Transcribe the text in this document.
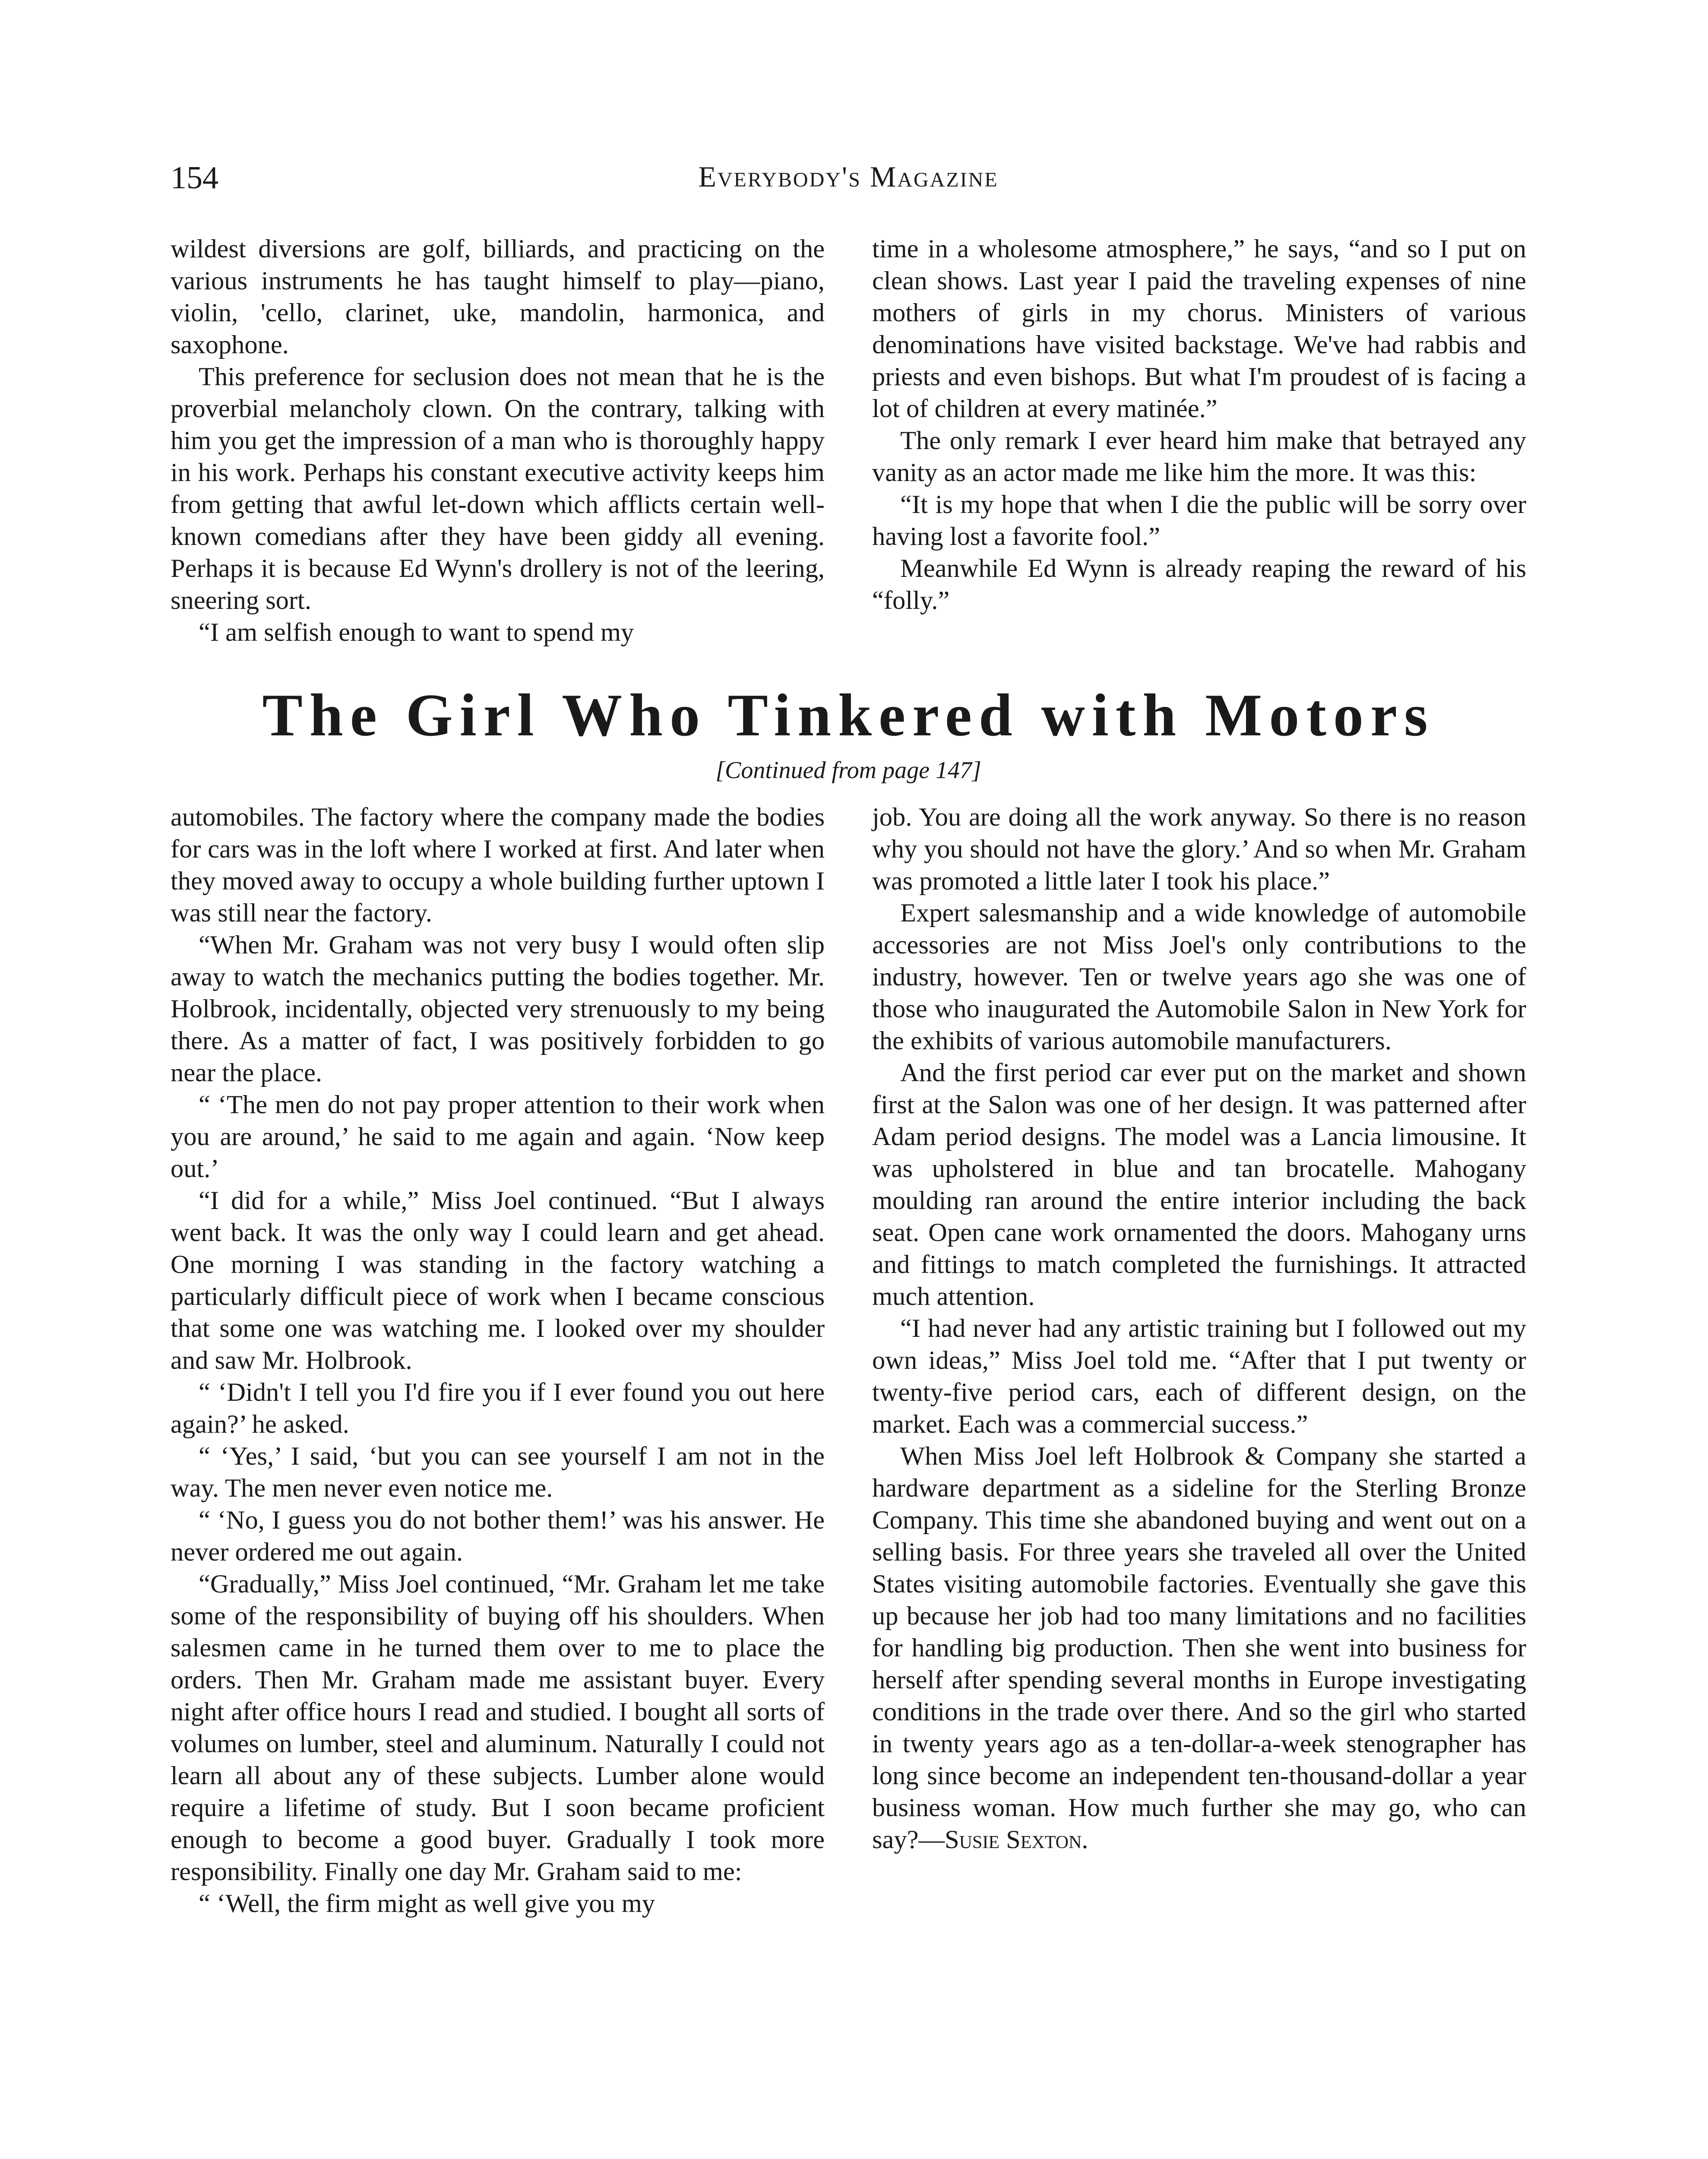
154	Everybody's Magazine

wildest diversions are golf, billiards, and practicing on the various instruments he has taught himself to play—piano, violin, 'cello, clarinet, uke, mandolin, harmonica, and saxophone.

This preference for seclusion does not mean that he is the proverbial melancholy clown. On the contrary, talking with him you get the impression of a man who is thoroughly happy in his work. Perhaps his constant executive activity keeps him from getting that awful let-down which afflicts certain well-known comedians after they have been giddy all evening. Perhaps it is because Ed Wynn's drollery is not of the leering, sneering sort.

“I am selfish enough to want to spend my

time in a wholesome atmosphere,” he says, “and so I put on clean shows. Last year I paid the traveling expenses of nine mothers of girls in my chorus. Ministers of various denominations have visited backstage. We've had rabbis and priests and even bishops. But what I'm proudest of is facing a lot of children at every matinée.”

The only remark I ever heard him make that betrayed any vanity as an actor made me like him the more. It was this:

“It is my hope that when I die the public will be sorry over having lost a favorite fool.”

Meanwhile Ed Wynn is already reaping the reward of his “folly.”

The Girl Who Tinkered with Motors
[Continued from page 147]

automobiles. The factory where the company made the bodies for cars was in the loft where I worked at first. And later when they moved away to occupy a whole building further uptown I was still near the factory.

“When Mr. Graham was not very busy I would often slip away to watch the mechanics putting the bodies together. Mr. Holbrook, incidentally, objected very strenuously to my being there. As a matter of fact, I was positively forbidden to go near the place.

“ ‘The men do not pay proper attention to their work when you are around,’ he said to me again and again. ‘Now keep out.’

“I did for a while,” Miss Joel continued. “But I always went back. It was the only way I could learn and get ahead. One morning I was standing in the factory watching a particularly difficult piece of work when I became conscious that some one was watching me. I looked over my shoulder and saw Mr. Holbrook.

“ ‘Didn't I tell you I'd fire you if I ever found you out here again?’ he asked.

“ ‘Yes,’ I said, ‘but you can see yourself I am not in the way. The men never even notice me.

“ ‘No, I guess you do not bother them!’ was his answer. He never ordered me out again.

“Gradually,” Miss Joel continued, “Mr. Graham let me take some of the responsibility of buying off his shoulders. When salesmen came in he turned them over to me to place the orders. Then Mr. Graham made me assistant buyer. Every night after office hours I read and studied. I bought all sorts of volumes on lumber, steel and aluminum. Naturally I could not learn all about any of these subjects. Lumber alone would require a lifetime of study. But I soon became proficient enough to become a good buyer. Gradually I took more responsibility. Finally one day Mr. Graham said to me:

“ ‘Well, the firm might as well give you my

job. You are doing all the work anyway. So there is no reason why you should not have the glory.’ And so when Mr. Graham was promoted a little later I took his place.”

Expert salesmanship and a wide knowledge of automobile accessories are not Miss Joel's only contributions to the industry, however. Ten or twelve years ago she was one of those who inaugurated the Automobile Salon in New York for the exhibits of various automobile manufacturers.

And the first period car ever put on the market and shown first at the Salon was one of her design. It was patterned after Adam period designs. The model was a Lancia limousine. It was upholstered in blue and tan brocatelle. Mahogany moulding ran around the entire interior including the back seat. Open cane work ornamented the doors. Mahogany urns and fittings to match completed the furnishings. It attracted much attention.

“I had never had any artistic training but I followed out my own ideas,” Miss Joel told me. “After that I put twenty or twenty-five period cars, each of different design, on the market. Each was a commercial success.”

When Miss Joel left Holbrook & Company she started a hardware department as a sideline for the Sterling Bronze Company. This time she abandoned buying and went out on a selling basis. For three years she traveled all over the United States visiting automobile factories. Eventually she gave this up because her job had too many limitations and no facilities for handling big production. Then she went into business for herself after spending several months in Europe investigating conditions in the trade over there. And so the girl who started in twenty years ago as a ten-dollar-a-week stenographer has long since become an independent ten-thousand-dollar a year business woman. How much further she may go, who can say?—Susie Sexton.
